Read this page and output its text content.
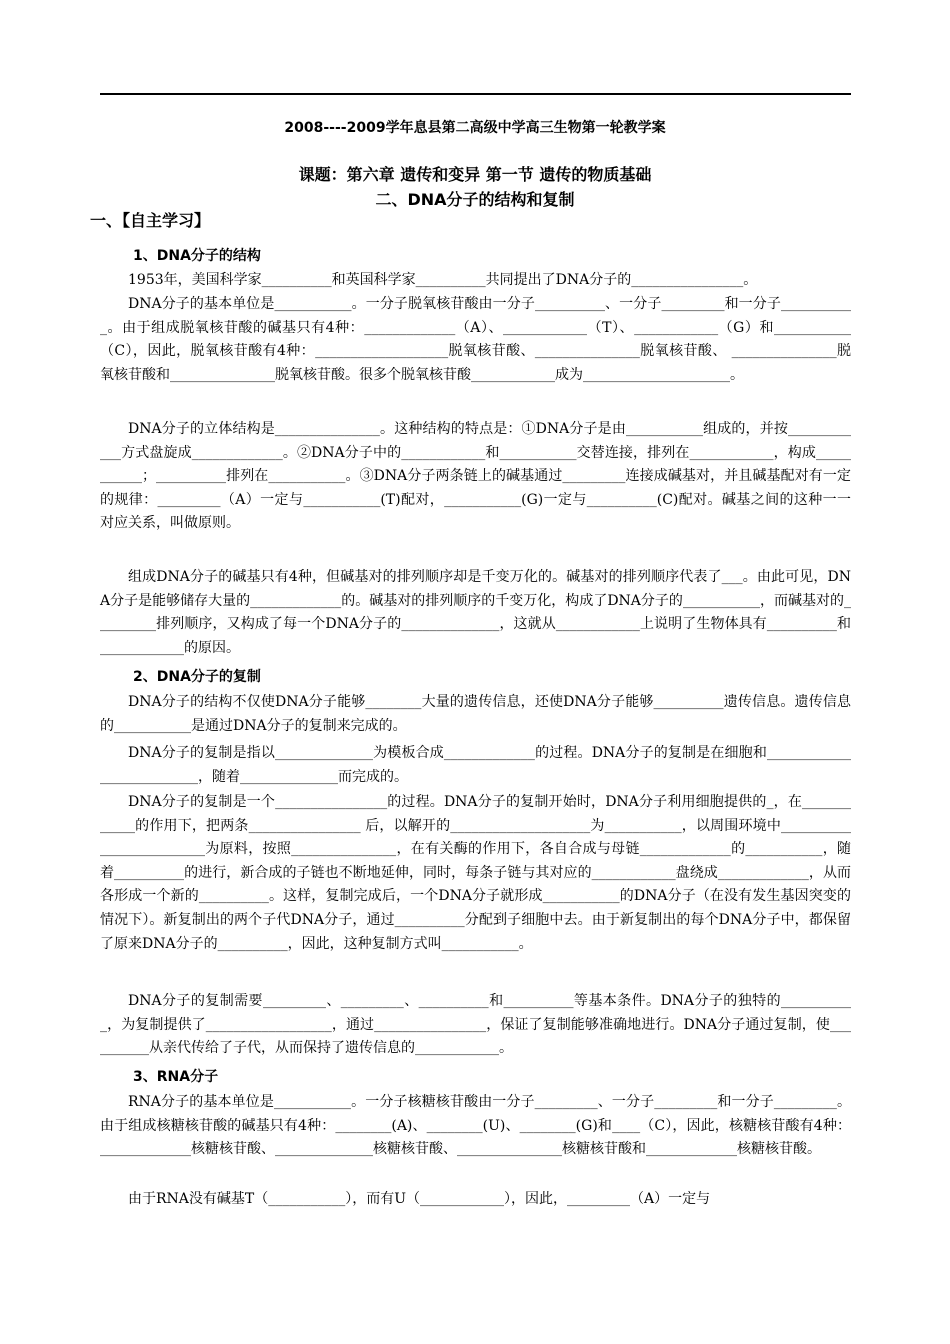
2008----2009学年息县第二高级中学高三生物第一轮教学案
课题：第六章 遗传和变异 第一节 遗传的物质基础
二、DNA分子的结构和复制
一、【自主学习】
1、DNA分子的结构
1953年，美国科学家__________和英国科学家__________共同提出了DNA分子的________________。
DNA分子的基本单位是___________。一分子脱氧核苷酸由一分子__________、一分子_________和一分子___________。由于组成脱氧核苷酸的碱基只有4种：_____________（A）、____________（T）、____________（G）和___________（C），因此，脱氧核苷酸有4种：___________________脱氧核苷酸、_______________脱氧核苷酸、 _______________脱氧核苷酸和_______________脱氧核苷酸。很多个脱氧核苷酸____________成为_____________________。
DNA分子的立体结构是_______________。这种结构的特点是：①DNA分子是由___________组成的，并按____________方式盘旋成_____________。②DNA分子中的____________和___________交替连接，排列在____________，构成___________；__________排列在___________。③DNA分子两条链上的碱基通过_________连接成碱基对，并且碱基配对有一定的规律：_________（A）一定与___________(T)配对，___________(G)一定与__________(C)配对。碱基之间的这种一一对应关系，叫做原则。
组成DNA分子的碱基只有4种，但碱基对的排列顺序却是千变万化的。碱基对的排列顺序代表了___。由此可见，DNA分子是能够储存大量的_____________的。碱基对的排列顺序的千变万化，构成了DNA分子的___________，而碱基对的_________排列顺序，又构成了每一个DNA分子的______________，这就从____________上说明了生物体具有__________和____________的原因。
2、DNA分子的复制
DNA分子的结构不仅使DNA分子能够________大量的遗传信息，还使DNA分子能够__________遗传信息。遗传信息的___________是通过DNA分子的复制来完成的。
DNA分子的复制是指以______________为模板合成_____________的过程。DNA分子的复制是在细胞和__________________________，随着______________而完成的。
DNA分子的复制是一个________________的过程。DNA分子的复制开始时，DNA分子利用细胞提供的_，在____________的作用下，把两条________________ 后，以解开的____________________为___________，以周围环境中_________________________为原料，按照_______________，在有关酶的作用下，各自合成与母链_____________的___________，随着__________的进行，新合成的子链也不断地延伸，同时，每条子链与其对应的____________盘绕成_____________，从而各形成一个新的__________。这样，复制完成后，一个DNA分子就形成___________的DNA分子（在没有发生基因突变的情况下）。新复制出的两个子代DNA分子，通过__________分配到子细胞中去。由于新复制出的每个DNA分子中，都保留了原来DNA分子的__________，因此，这种复制方式叫___________。
DNA分子的复制需要_________、_________、__________和__________等基本条件。DNA分子的独特的___________，为复制提供了__________________，通过________________，保证了复制能够准确地进行。DNA分子通过复制，使__________从亲代传给了子代，从而保持了遗传信息的____________。
3、RNA分子
RNA分子的基本单位是___________。一分子核糖核苷酸由一分子_________、一分子_________和一分子_________。由于组成核糖核苷酸的碱基只有4种：________(A)、________(U)、________(G)和____（C），因此，核糖核苷酸有4种：_____________核糖核苷酸、______________核糖核苷酸、_______________核糖核苷酸和_____________核糖核苷酸。
由于RNA没有碱基T（___________），而有U（____________），因此，_________（A）一定与
